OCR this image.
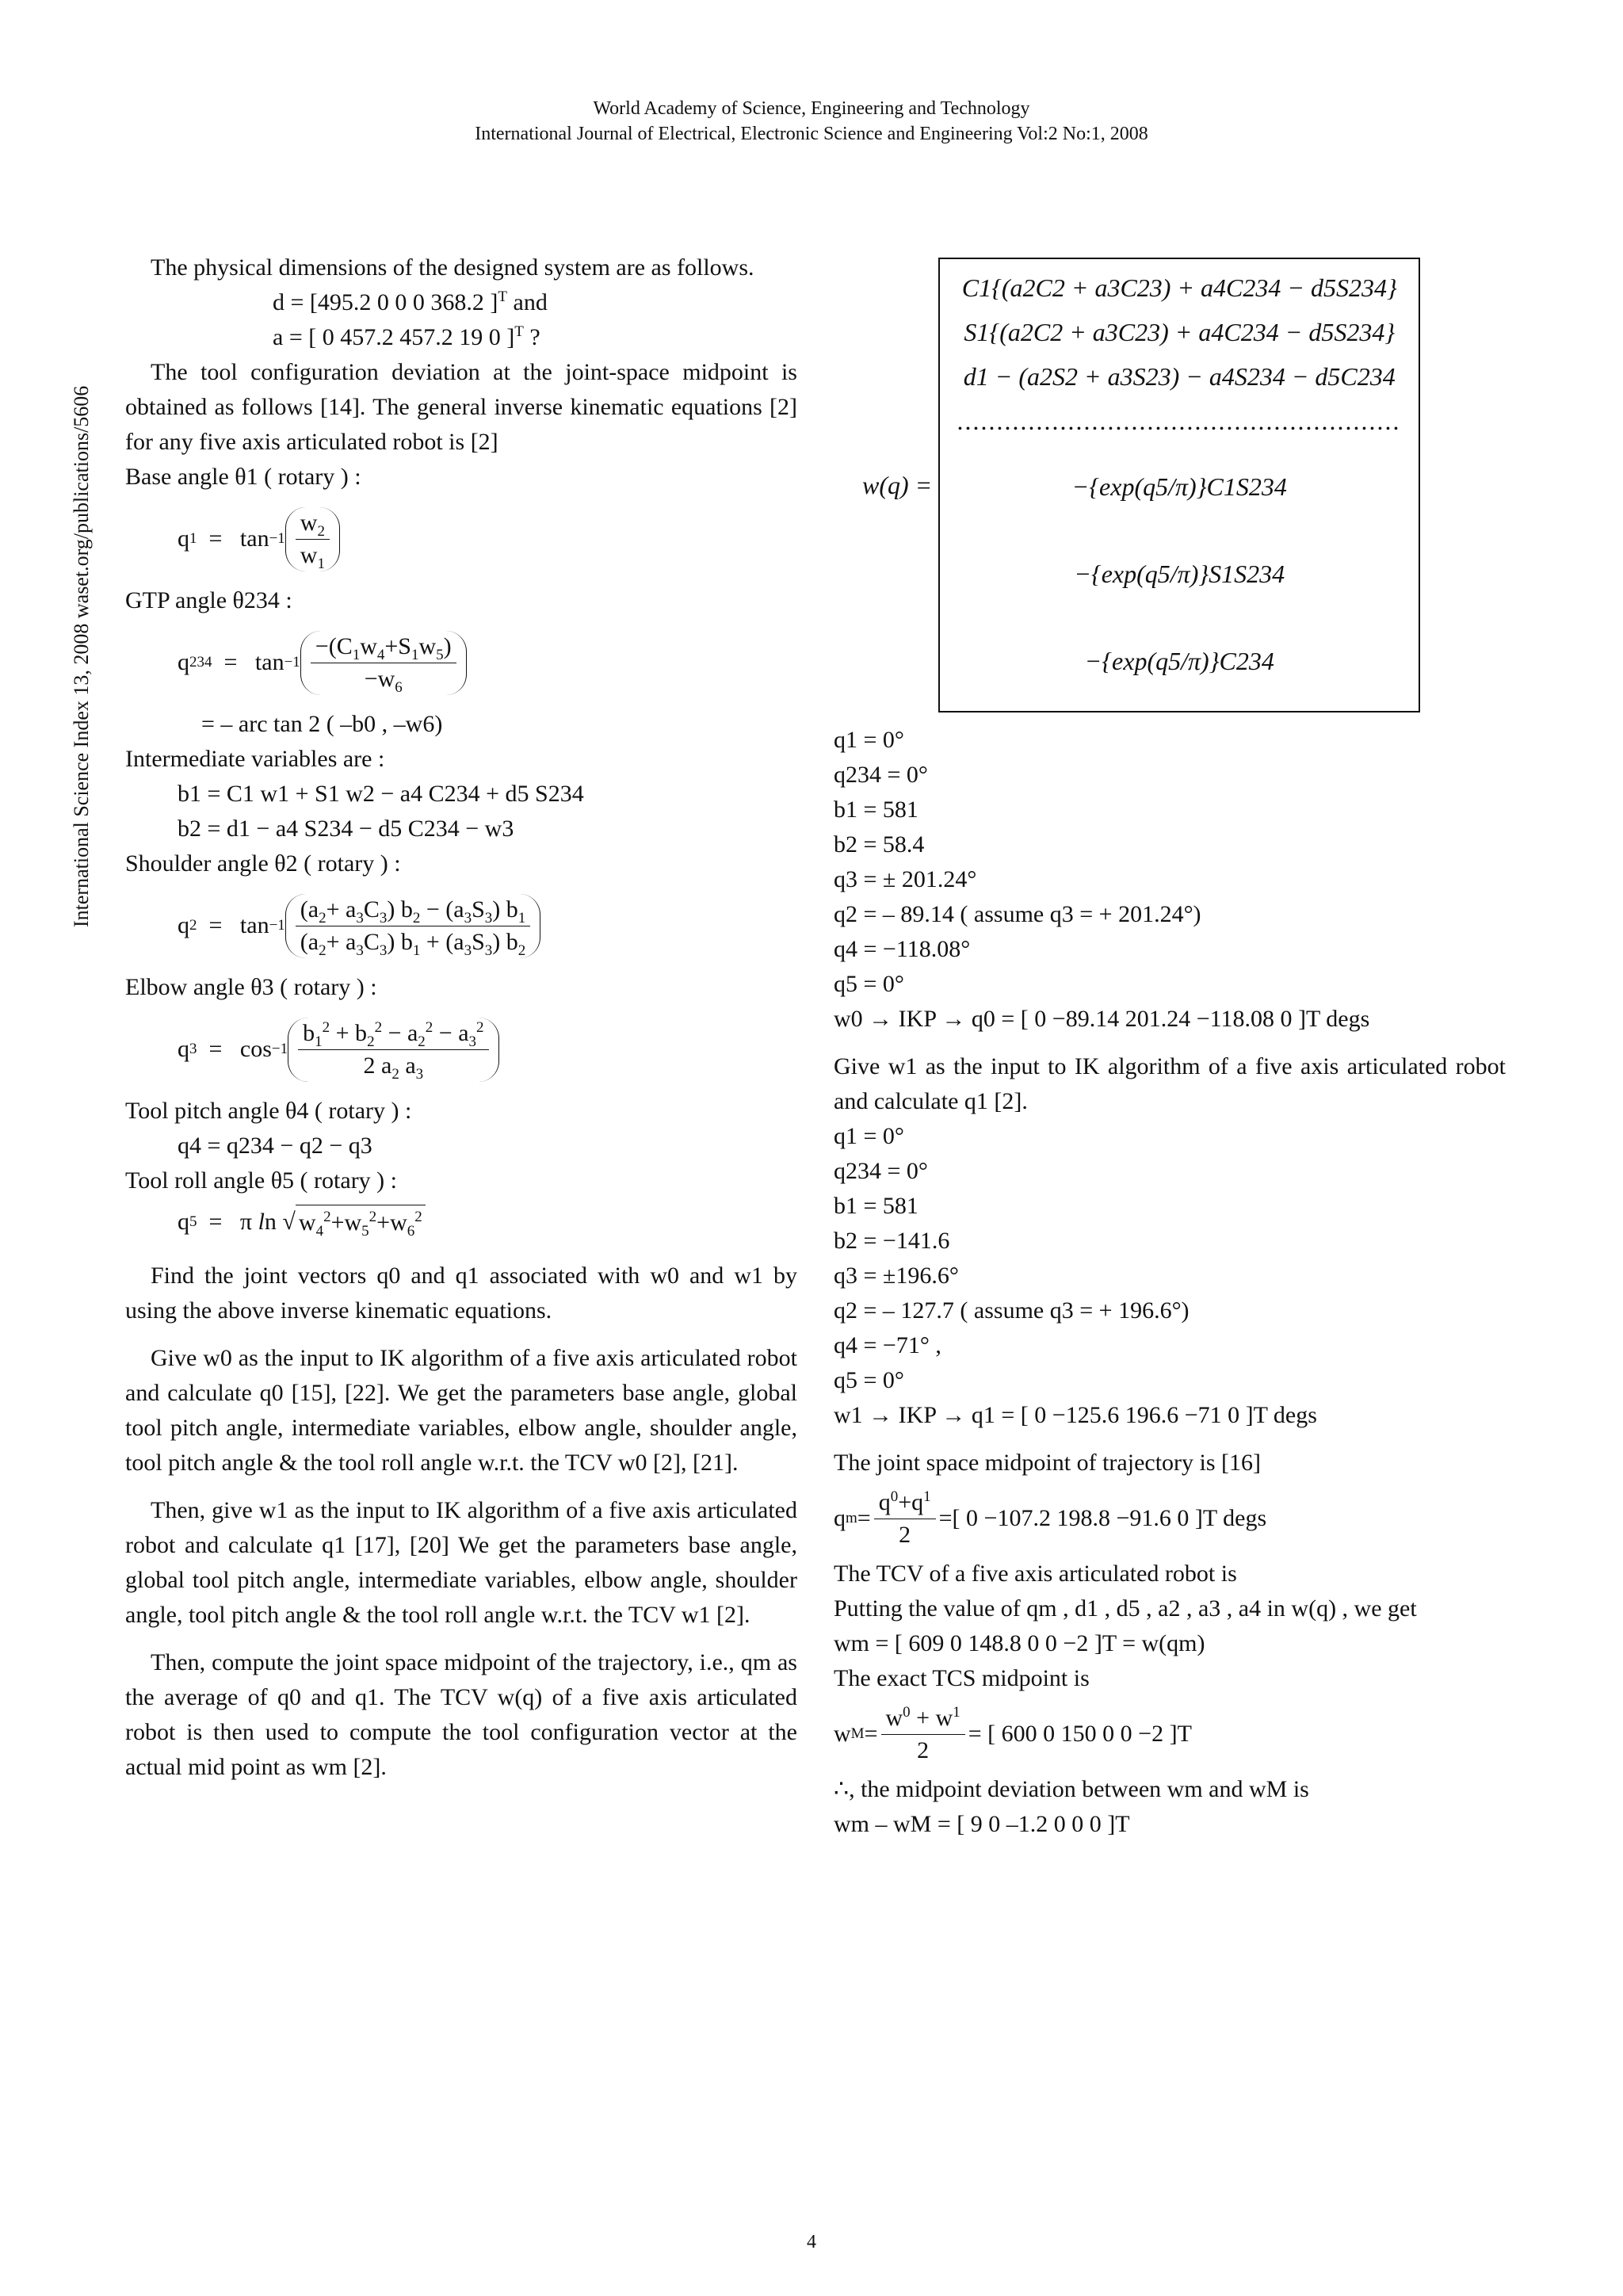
World Academy of Science, Engineering and Technology
International Journal of Electrical, Electronic Science and Engineering Vol:2 No:1, 2008
International Science Index 13, 2008 waset.org/publications/5606

The physical dimensions of the designed system are as follows.

d = [495.2 0 0 0 368.2 ]$^T$ and

a = [ 0 457.2 457.2 19 0 ]$^T$ ?

The tool configuration deviation at the joint-space midpoint is obtained as follows [14]. The general inverse kinematic equations [2] for any five axis articulated robot is [2]

Base angle θ1 ( rotary ) :

q $1 = \tan -1 \frac{w_2}{w_1}$

GTP angle θ234 :

q $234 = \tan -1 \frac{-(C_1w_4+S_1w_5)}{-w_6}$

= – arc tan 2 ( –b0 , –w6)

Intermediate variables are :

b1 = C1 w1 + S1 w2 − a4 C234 + d5 S234

b2 = d1 − a4 S234 − d5 C234 − w3

Shoulder angle θ2 ( rotary ) :

q $2 = \tan -1 \frac{(a_2+ a_3C_3) b_2 - (a_3S_3) b_1}{(a_2+ a_3C_3) b_1 + (a_3S_3) b_2}$

Elbow angle θ3 ( rotary ) :

q $3 = \cos -1 \frac{b_1^2 + b_2^2 - a_2^2 - a_3^2}{2 a_2 a_3}$

Tool pitch angle θ4 ( rotary ) :

q4 = q234 − q2 − q3

Tool roll angle θ5 ( rotary ) :

q 5 =   π l n √ $w_4^2+w_5^2+w_6^2$

Find the joint vectors q0 and q1 associated with w0 and w1 by using the above inverse kinematic equations.

Give w0 as the input to IK algorithm of a five axis articulated robot and calculate q0 [15], [22]. We get the parameters base angle, global tool pitch angle, intermediate variables, elbow angle, shoulder angle, tool pitch angle & the tool roll angle w.r.t. the TCV w0 [2], [21].

Then, give w1 as the input to IK algorithm of a five axis articulated robot and calculate q1 [17], [20] We get the parameters base angle, global tool pitch angle, intermediate variables, elbow angle, shoulder angle, tool pitch angle & the tool roll angle w.r.t. the TCV w1 [2].

Then, compute the joint space midpoint of the trajectory, i.e., qm as the average of q0 and q1. The TCV w(q) of a five axis articulated robot is then used to compute the tool configuration vector at the actual mid point as wm [2].

w(q) =
C1{(a2C2 + a3C23) + a4C234 − d5S234}
S1{(a2C2 + a3C23) + a4C234 − d5S234}
d1 − (a2S2 + a3S23) − a4S234 − d5C234
........................................................
−{exp(q5/π)}C1S234
−{exp(q5/π)}S1S234
−{exp(q5/π)}C234

q1 = 0°

q234 = 0°

b1 = 581

b2 = 58.4

q3 = ± 201.24°

q2 = – 89.14 ( assume q3 = + 201.24°)

q4 = −118.08°

q5 = 0°

w0 → IKP → q0 = [ 0 −89.14 201.24 −118.08 0 ]T degs

Give w1 as the input to IK algorithm of a five axis articulated robot and calculate q1 [2].

q1 = 0°

q234 = 0°

b1 = 581

b2 = −141.6

q3 = ±196.6°

q2 = – 127.7 ( assume q3 = + 196.6°)

q4 = −71° ,

q5 = 0°

w1 → IKP → q1 = [ 0 −125.6 196.6 −71 0 ]T degs

The joint space midpoint of trajectory is [16]

q $m = \frac{q^0+q^1}{2}$ =[ 0 −107.2 198.8 −91.6 0 ]T degs

The TCV of a five axis articulated robot is

Putting the value of qm , d1 , d5 , a2 , a3 , a4 in w(q) , we get

wm = [ 609 0 148.8 0 0 −2 ]T = w(qm)

The exact TCS midpoint is

w $M = \frac{w^0 + w^1}{2}$ = [ 600 0 150 0 0 −2 ]T

∴, the midpoint deviation between wm and wM is

wm – wM = [ 9 0 –1.2 0 0 0 ]T

4
